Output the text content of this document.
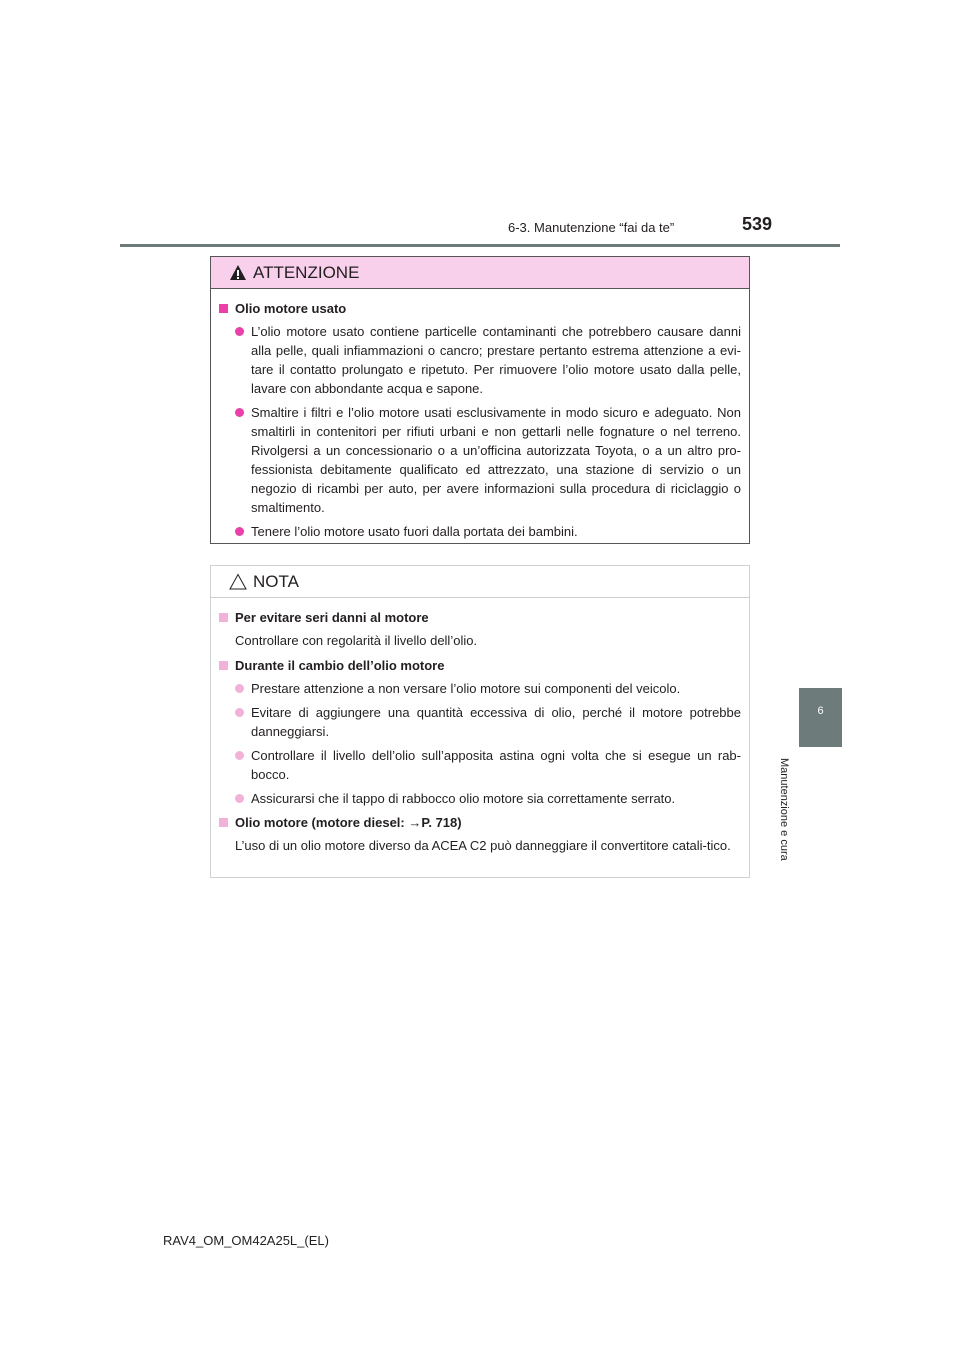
6-3. Manutenzione “fai da te”	539
6
Manutenzione e cura
ATTENZIONE
Olio motore usato
L’olio motore usato contiene particelle contaminanti che potrebbero causare danni alla pelle, quali infiammazioni o cancro; prestare pertanto estrema attenzione a evi-tare il contatto prolungato e ripetuto. Per rimuovere l’olio motore usato dalla pelle, lavare con abbondante acqua e sapone.
Smaltire i filtri e l’olio motore usati esclusivamente in modo sicuro e adeguato. Non smaltirli in contenitori per rifiuti urbani e non gettarli nelle fognature o nel terreno. Rivolgersi a un concessionario o a un’officina autorizzata Toyota, o a un altro pro-fessionista debitamente qualificato ed attrezzato, una stazione di servizio o un negozio di ricambi per auto, per avere informazioni sulla procedura di riciclaggio o smaltimento.
Tenere l’olio motore usato fuori dalla portata dei bambini.
NOTA
Per evitare seri danni al motore
Controllare con regolarità il livello dell’olio.
Durante il cambio dell’olio motore
Prestare attenzione a non versare l’olio motore sui componenti del veicolo.
Evitare di aggiungere una quantità eccessiva di olio, perché il motore potrebbe danneggiarsi.
Controllare il livello dell’olio sull’apposita astina ogni volta che si esegue un rab-bocco.
Assicurarsi che il tappo di rabbocco olio motore sia correttamente serrato.
Olio motore (motore diesel: →P. 718)
L’uso di un olio motore diverso da ACEA C2 può danneggiare il convertitore catali-tico.
RAV4_OM_OM42A25L_(EL)
